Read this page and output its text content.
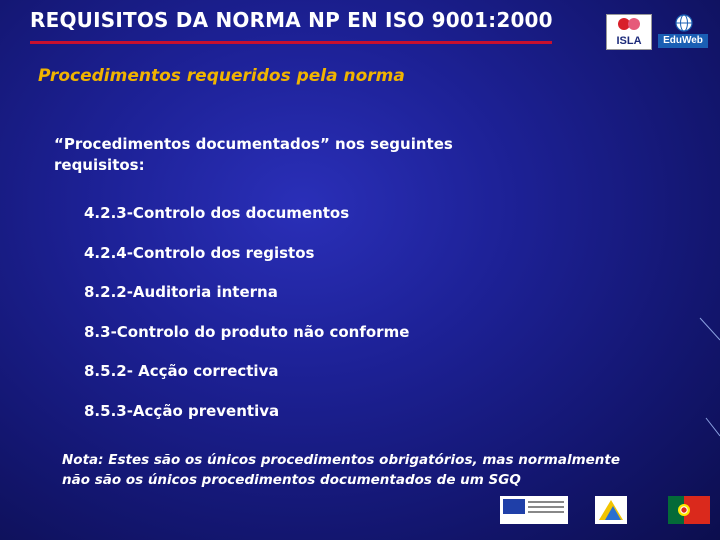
REQUISITOS DA NORMA NP EN ISO 9001:2000
ISLA	EduWeb
Procedimentos requeridos pela norma
“Procedimentos documentados” nos seguintes requisitos:
4.2.3-Controlo dos documentos
4.2.4-Controlo dos registos
8.2.2-Auditoria interna
8.3-Controlo do produto não conforme
8.5.2- Acção correctiva
8.5.3-Acção preventiva
Nota: Estes são os únicos procedimentos obrigatórios, mas normalmente não são os únicos procedimentos documentados de um SGQ
